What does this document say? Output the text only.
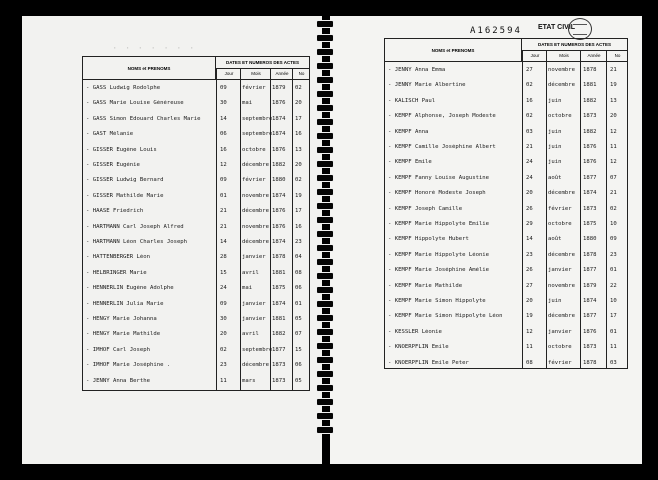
· · · · · · ·
NOMS et PRENOMS
DATES ET NUMEROS DES ACTES
Jour	Mois	Année	No
- GASS Ludwig Rodolphe	09	février 1879 02
- GASS Marie Louise Généreuse	30	mai	1876 20
- GASS Simon Edouard Charles Marie	14	septembre 1874 17
- GAST Mélanie	06	septembre 1874 16
- GISSER Eugène Louis	16	octobre 1876 13
- GISSER Eugénie	12	décembre 1882 20
- GISSER Ludwig Bernard	09	février 1880 02
- GISSER Mathilde Marie	01	novembre 1874 19
- HAASE Friedrich	21	décembre 1876 17
- HARTMANN Carl Joseph Alfred	21	novembre 1876 16
- HARTMANN Léon Charles Joseph	14	décembre 1874 23
- HATTENBERGER Léon	28	janvier 1878 04
- HELBRINGER Marie	15	avril 1881 08
- HENNERLIN Eugène Adolphe	24	mai	1875 06
- HENNERLIN Julia Marie	09	janvier 1874 01
- HENGY Marie Johanna	30	janvier 1881 05
- HENGY Marie Mathilde	20	avril 1882 07
- IMHOF Carl Joseph	02	septembre 1877 15
- IMHOF Marie Joséphine .	23	décembre 1873 06
- JENNY Anna Berthe	11	mars	1873 05
A162594 ETAT CIVIL
NOMS et PRENOMS
DATES ET NUMEROS DES ACTES
Jour	Mois	Année	No
- JENNY Anna Emma	27	novembre 1878 21
- JENNY Marie Albertine	02	décembre 1881 19
- KALISCH Paul	16	juin	1882 13
- KEMPF Alphonse, Joseph Modeste	02	octobre 1873 20
- KEMPF Anna	03	juin	1882 12
- KEMPF Camille Joséphine Albert	21	juin	1876 11
- KEMPF Emile	24	juin	1876 12
- KEMPF Fanny Louise Augustine	24	août	1877 07
- KEMPF Honoré Modeste Joseph	20	décembre 1874 21
- KEMPF Joseph Camille	26	février 1873 02
- KEMPF Marie Hippolyte Emilie	29	octobre 1875 10
- KEMPF Hippolyte Hubert	14	août	1880 09
- KEMPF Marie Hippolyte Léonie	23	décembre 1878 23
- KEMPF Marie Joséphine Amélie	26	janvier 1877 01
- KEMPF Marie Mathilde	27	novembre 1879 22
- KEMPF Marie Simon Hippolyte	20	juin	1874 10
- KEMPF Marie Simon Hippolyte Léon	19	décembre 1877 17
- KESSLER Léonie	12	janvier 1876 01
- KNOERPFLIN Emile	11	octobre 1873 11
- KNOERPFLIN Emile Peter	08	février 1878 03
